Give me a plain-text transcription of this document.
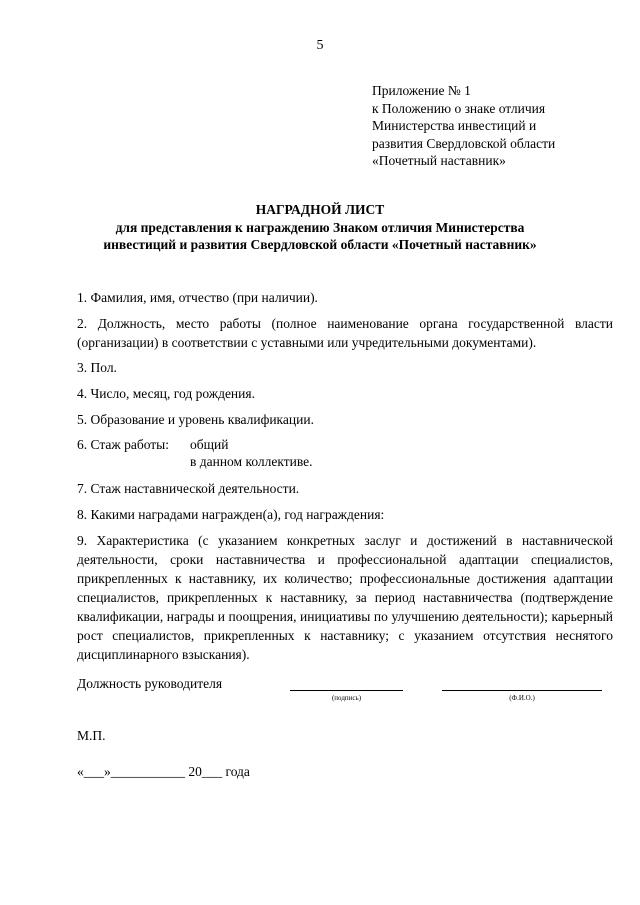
5
Приложение № 1
к Положению о знаке отличия
Министерства инвестиций и
развития Свердловской области
«Почетный наставник»
НАГРАДНОЙ ЛИСТ
для представления к награждению Знаком отличия Министерства
инвестиций и развития Свердловской области «Почетный наставник»
1. Фамилия, имя, отчество (при наличии).
2. Должность, место работы (полное наименование органа государственной власти (организации) в соответствии с уставными или учредительными документами).
3. Пол.
4. Число, месяц, год рождения.
5. Образование и уровень квалификации.
6. Стаж работы:	общий
в данном коллективе.
7. Стаж наставнической деятельности.
8. Какими наградами награжден(а), год награждения:
9. Характеристика (с указанием конкретных заслуг и достижений в наставнической деятельности, сроки наставничества и профессиональной адаптации специалистов, прикрепленных к наставнику, их количество; профессиональные достижения адаптации специалистов, прикрепленных к наставнику, за период наставничества (подтверждение квалификации, награды и поощрения, инициативы по улучшению деятельности); карьерный рост специалистов, прикрепленных к наставнику; с указанием отсутствия неснятого дисциплинарного взыскания).
Должность руководителя
(подпись)	(Ф.И.О.)
М.П.
«___»___________ 20___ года
